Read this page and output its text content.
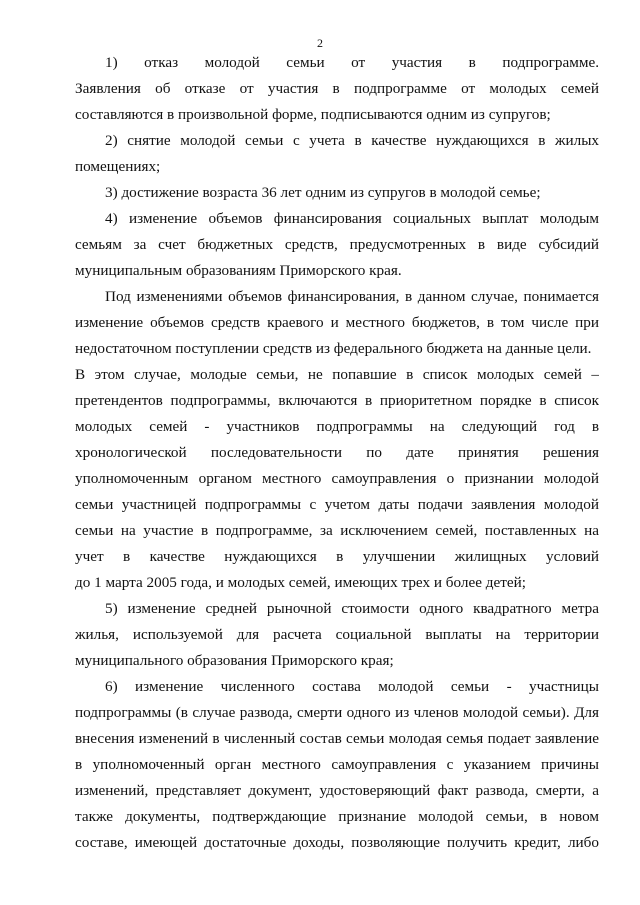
2
1) отказ молодой семьи от участия в подпрограмме.
Заявления об отказе от участия в подпрограмме от молодых семей
составляются в произвольной форме, подписываются одним из супругов;
2) снятие молодой семьи с учета в качестве нуждающихся в жилых
помещениях;
3) достижение возраста 36 лет одним из супругов в молодой семье;
4) изменение объемов финансирования социальных выплат молодым
семьям за счет бюджетных средств, предусмотренных в виде субсидий
муниципальным образованиям Приморского края.
Под изменениями объемов финансирования, в данном случае, понимается
изменение объемов средств краевого и местного бюджетов, в том числе при
недостаточном поступлении средств из федерального бюджета на данные цели.
В этом случае, молодые семьи, не попавшие в список молодых семей –
претендентов подпрограммы, включаются в приоритетном порядке в список
молодых семей - участников подпрограммы на следующий год в
хронологической последовательности по дате принятия решения
уполномоченным органом местного самоуправления о признании молодой
семьи участницей подпрограммы с учетом даты подачи заявления молодой
семьи на участие в подпрограмме, за исключением семей, поставленных на
учет в качестве нуждающихся в улучшении жилищных условий
до 1 марта 2005 года, и молодых семей, имеющих трех и более детей;
5) изменение средней рыночной стоимости одного квадратного метра
жилья, используемой для расчета социальной выплаты на территории
муниципального образования Приморского края;
6) изменение численного состава молодой семьи - участницы
подпрограммы (в случае развода, смерти одного из членов молодой семьи). Для
внесения изменений в численный состав семьи молодая семья подает заявление
в уполномоченный орган местного самоуправления с указанием причины
изменений, представляет документ, удостоверяющий факт развода, смерти, а
также документы, подтверждающие признание молодой семьи, в новом
составе, имеющей достаточные доходы, позволяющие получить кредит, либо
